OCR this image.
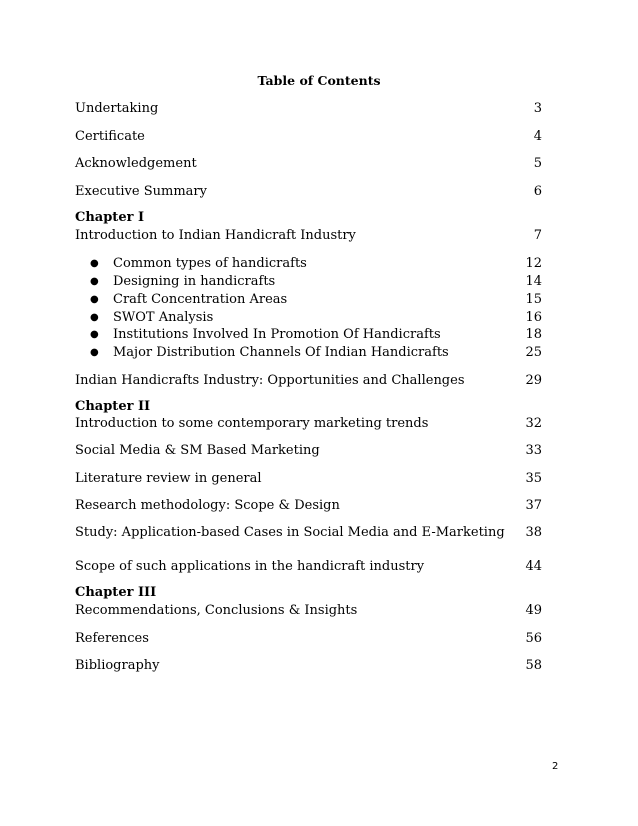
Table of Contents
Undertaking	3
Certificate	4
Acknowledgement	5
Executive Summary	6
Chapter I
Introduction to Indian Handicraft Industry	7
● Common types of handicrafts	12
● Designing in handicrafts	14
● Craft Concentration Areas	15
● SWOT Analysis	16
● Institutions Involved In Promotion Of Handicrafts	18
● Major Distribution Channels Of Indian Handicrafts	25
Indian Handicrafts Industry: Opportunities and Challenges	29
Chapter II
Introduction to some contemporary marketing trends	32
Social Media & SM Based Marketing	33
Literature review in general	35
Research methodology: Scope & Design	37
Study: Application-based Cases in Social Media and E-Marketing 38
Scope of such applications in the handicraft industry	44
Chapter III
Recommendations, Conclusions & Insights	49
References	56
Bibliography	58
2
